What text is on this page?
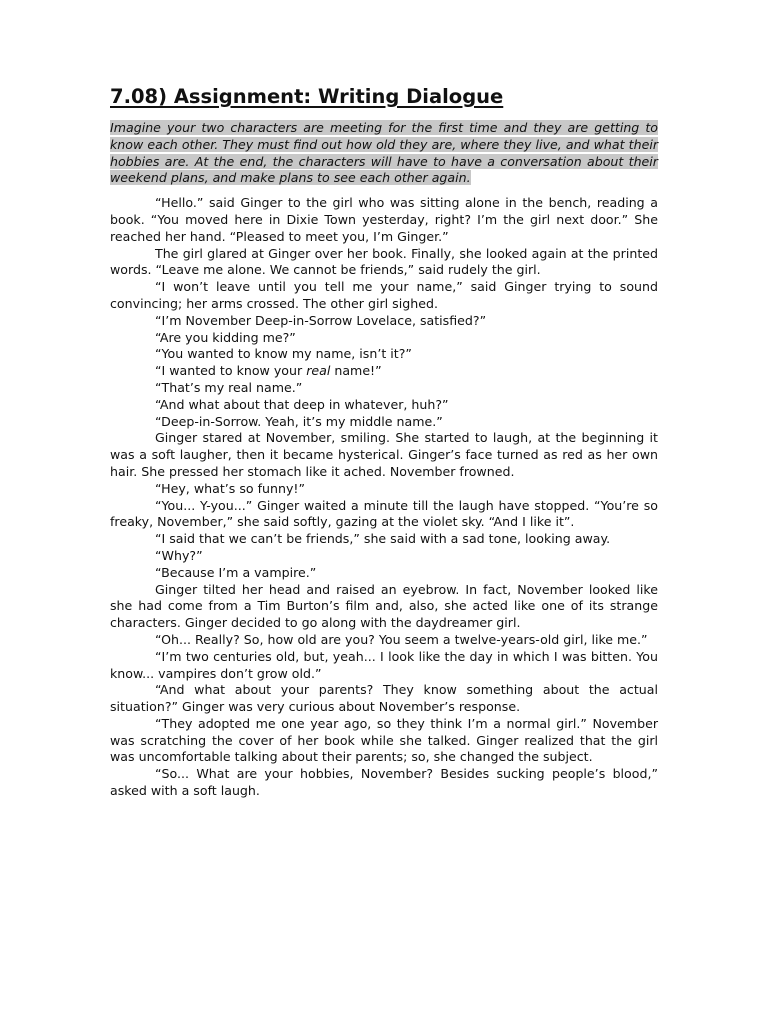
7.08) Assignment: Writing Dialogue

Imagine your two characters are meeting for the first time and they are getting to know each other. They must find out how old they are, where they live, and what their hobbies are. At the end, the characters will have to have a conversation about their weekend plans, and make plans to see each other again.

“Hello.” said Ginger to the girl who was sitting alone in the bench, reading a book. “You moved here in Dixie Town yesterday, right? I’m the girl next door.” She reached her hand. “Pleased to meet you, I’m Ginger.”

The girl glared at Ginger over her book. Finally, she looked again at the printed words. “Leave me alone. We cannot be friends,” said rudely the girl.

“I won’t leave until you tell me your name,” said Ginger trying to sound convincing; her arms crossed. The other girl sighed.

“I’m November Deep-in-Sorrow Lovelace, satisfied?”

“Are you kidding me?”

“You wanted to know my name, isn’t it?”

“I wanted to know your real name!”

“That’s my real name.”

“And what about that deep in whatever, huh?”

“Deep-in-Sorrow. Yeah, it’s my middle name.”

Ginger stared at November, smiling. She started to laugh, at the beginning it was a soft laugher, then it became hysterical. Ginger’s face turned as red as her own hair. She pressed her stomach like it ached. November frowned.

“Hey, what’s so funny!”

“You... Y-you...” Ginger waited a minute till the laugh have stopped. “You’re so freaky, November,” she said softly, gazing at the violet sky. “And I like it”.

“I said that we can’t be friends,” she said with a sad tone, looking away.

“Why?”

“Because I’m a vampire.”

Ginger tilted her head and raised an eyebrow. In fact, November looked like she had come from a Tim Burton’s film and, also, she acted like one of its strange characters. Ginger decided to go along with the daydreamer girl.

“Oh... Really? So, how old are you? You seem a twelve-years-old girl, like me.”

“I’m two centuries old, but, yeah... I look like the day in which I was bitten. You know... vampires don’t grow old.”

“And what about your parents? They know something about the actual situation?” Ginger was very curious about November’s response.

“They adopted me one year ago, so they think I’m a normal girl.” November was scratching the cover of her book while she talked. Ginger realized that the girl was uncomfortable talking about their parents; so, she changed the subject.

“So... What are your hobbies, November? Besides sucking people’s blood,” asked with a soft laugh.
